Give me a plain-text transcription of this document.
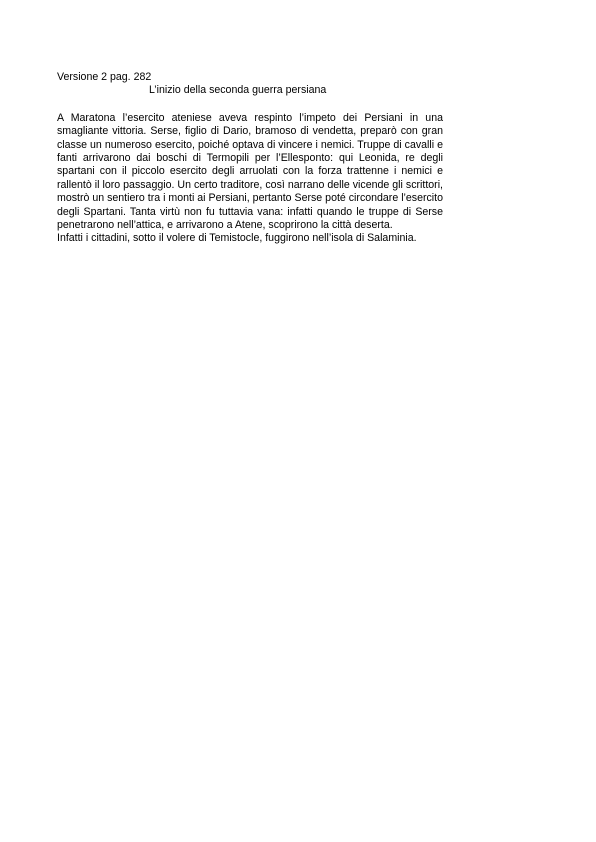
Versione 2 pag. 282

L’inizio della seconda guerra persiana

A Maratona l’esercito ateniese aveva respinto l’impeto dei Persiani in una smagliante vittoria. Serse, figlio di Dario, bramoso di vendetta, preparò con gran classe un numeroso esercito, poiché optava di vincere i nemici. Truppe di cavalli e fanti arrivarono dai boschi di Termopili per l’Ellesponto: qui Leonida, re degli spartani con il piccolo esercito degli arruolati con la forza trattenne i nemici e rallentò il loro passaggio. Un certo traditore, così narrano delle vicende gli scrittori, mostrò un sentiero tra i monti ai Persiani, pertanto Serse poté circondare l’esercito degli Spartani. Tanta virtù non fu tuttavia vana: infatti quando le truppe di Serse penetrarono nell’attica, e arrivarono a Atene, scoprirono la città deserta.

Infatti i cittadini, sotto il volere di Temistocle, fuggirono nell’isola di Salaminia.
